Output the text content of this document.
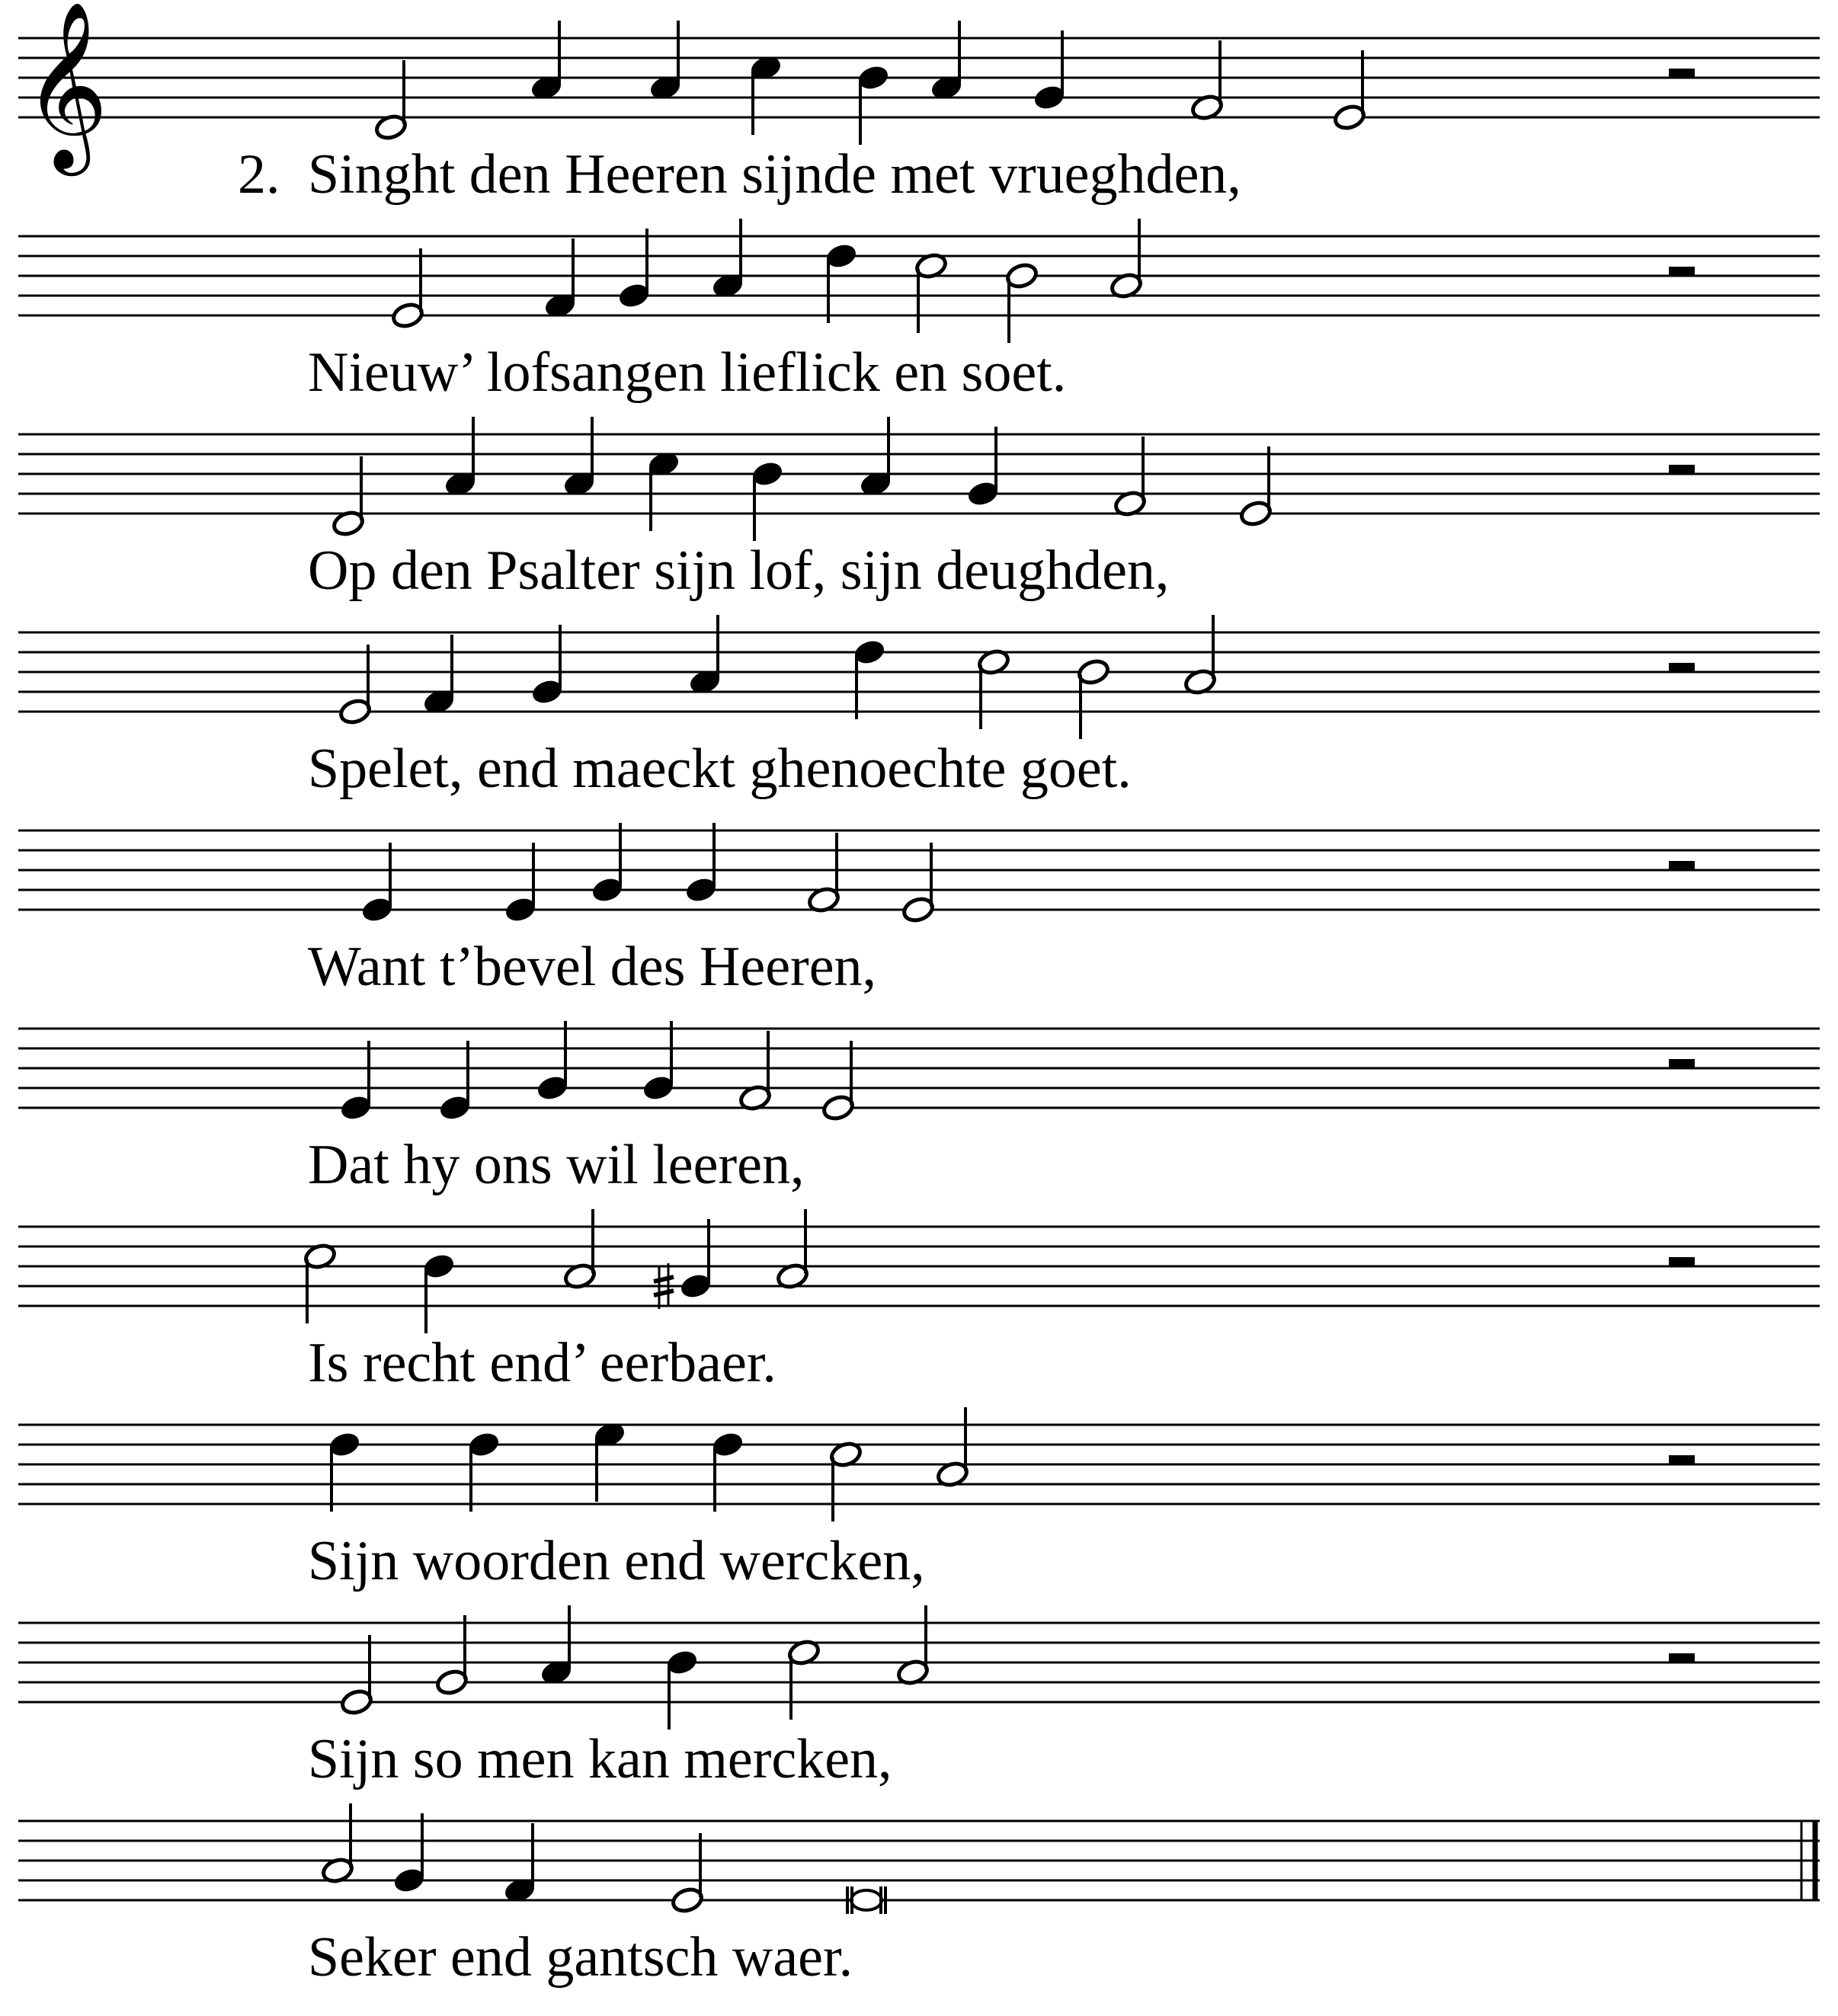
𝄞
2. Singht den Heeren sijnde met vrueghden,
Nieuw’ lofsangen lieflick en soet.
Op den Psalter sijn lof, sijn deughden,
Spelet, end maeckt ghenoechte goet.
Want t’bevel des Heeren,
Dat hy ons wil leeren,
Is recht end’ eerbaer.
Sijn woorden end wercken,
Sijn so men kan mercken,
Seker end gantsch waer.
